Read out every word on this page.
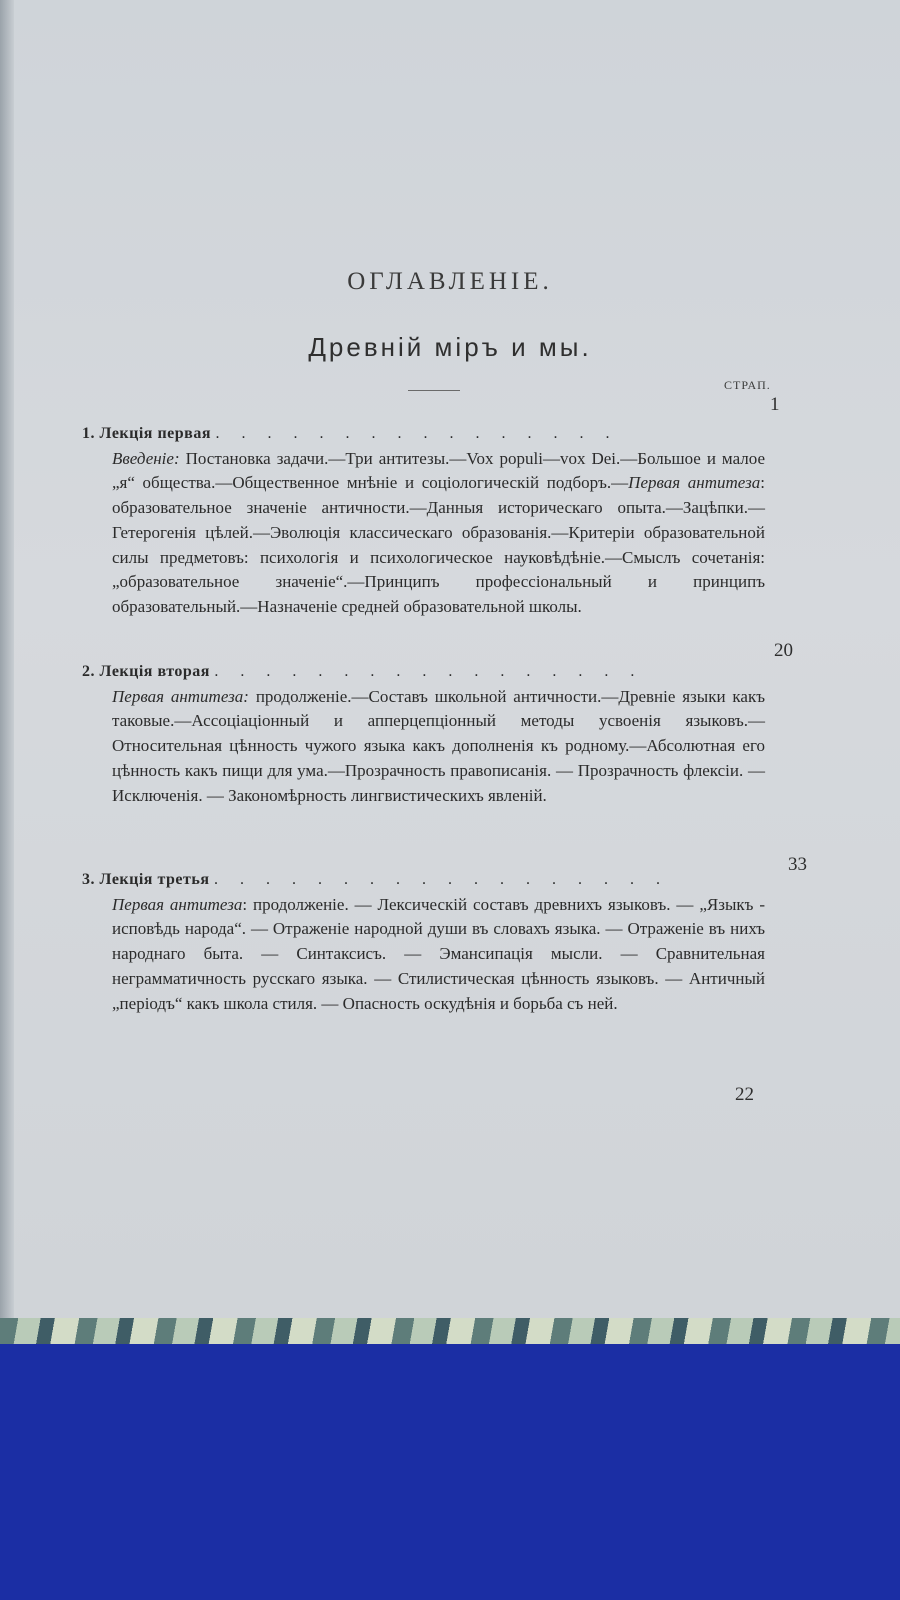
ОГЛАВЛЕНІЕ.
Древній міръ и мы.
СТРАП.
1
1. Лекція первая . . . . . . . . . . . . . . . .

Введеніе: Постановка задачи.—Три антитезы.—Vox populi—vox Dei.—Большое и малое „я“ общества.—Общественное мнѣніе и соціологическій подборъ.—Первая антитеза: образовательное значеніе античности.—Данныя историческаго опыта.—Зацѣпки.—Гетерогенія цѣлей.—Эволюція классическаго образованія.—Критеріи образовательной силы предметовъ: психологія и психологическое науковѣдѣніе.—Смыслъ сочетанія: „образовательное значеніе“.—Принципъ профессіональный и принципъ образовательный.—Назначеніе средней образовательной школы.

20
2. Лекція вторая . . . . . . . . . . . . . . . . .

Первая антитеза: продолженіе.—Составъ школьной античности.—Древніе языки какъ таковые.—Ассоціаціонный и апперцепціонный методы усвоенія языковъ.—Относительная цѣнность чужого языка какъ дополненія къ родному.—Абсолютная его цѣнность какъ пищи для ума.—Прозрачность правописанія. — Прозрачность флексіи. — Исключенія. — Закономѣрность лингвистическихъ явленій.

33
3. Лекція третья . . . . . . . . . . . . . . . . . .

Первая антитеза: продолженіе. — Лексическій составъ древнихъ языковъ. — „Языкъ - исповѣдь народа“. — Отраженіе народной души въ словахъ языка. — Отраженіе въ нихъ народнаго быта. — Синтаксисъ. — Эмансипація мысли. — Сравнительная неграмматичность русскаго языка. — Стилистическая цѣнность языковъ. — Античный „періодъ“ какъ школа стиля. — Опасность оскудѣнія и борьба съ ней.

22
